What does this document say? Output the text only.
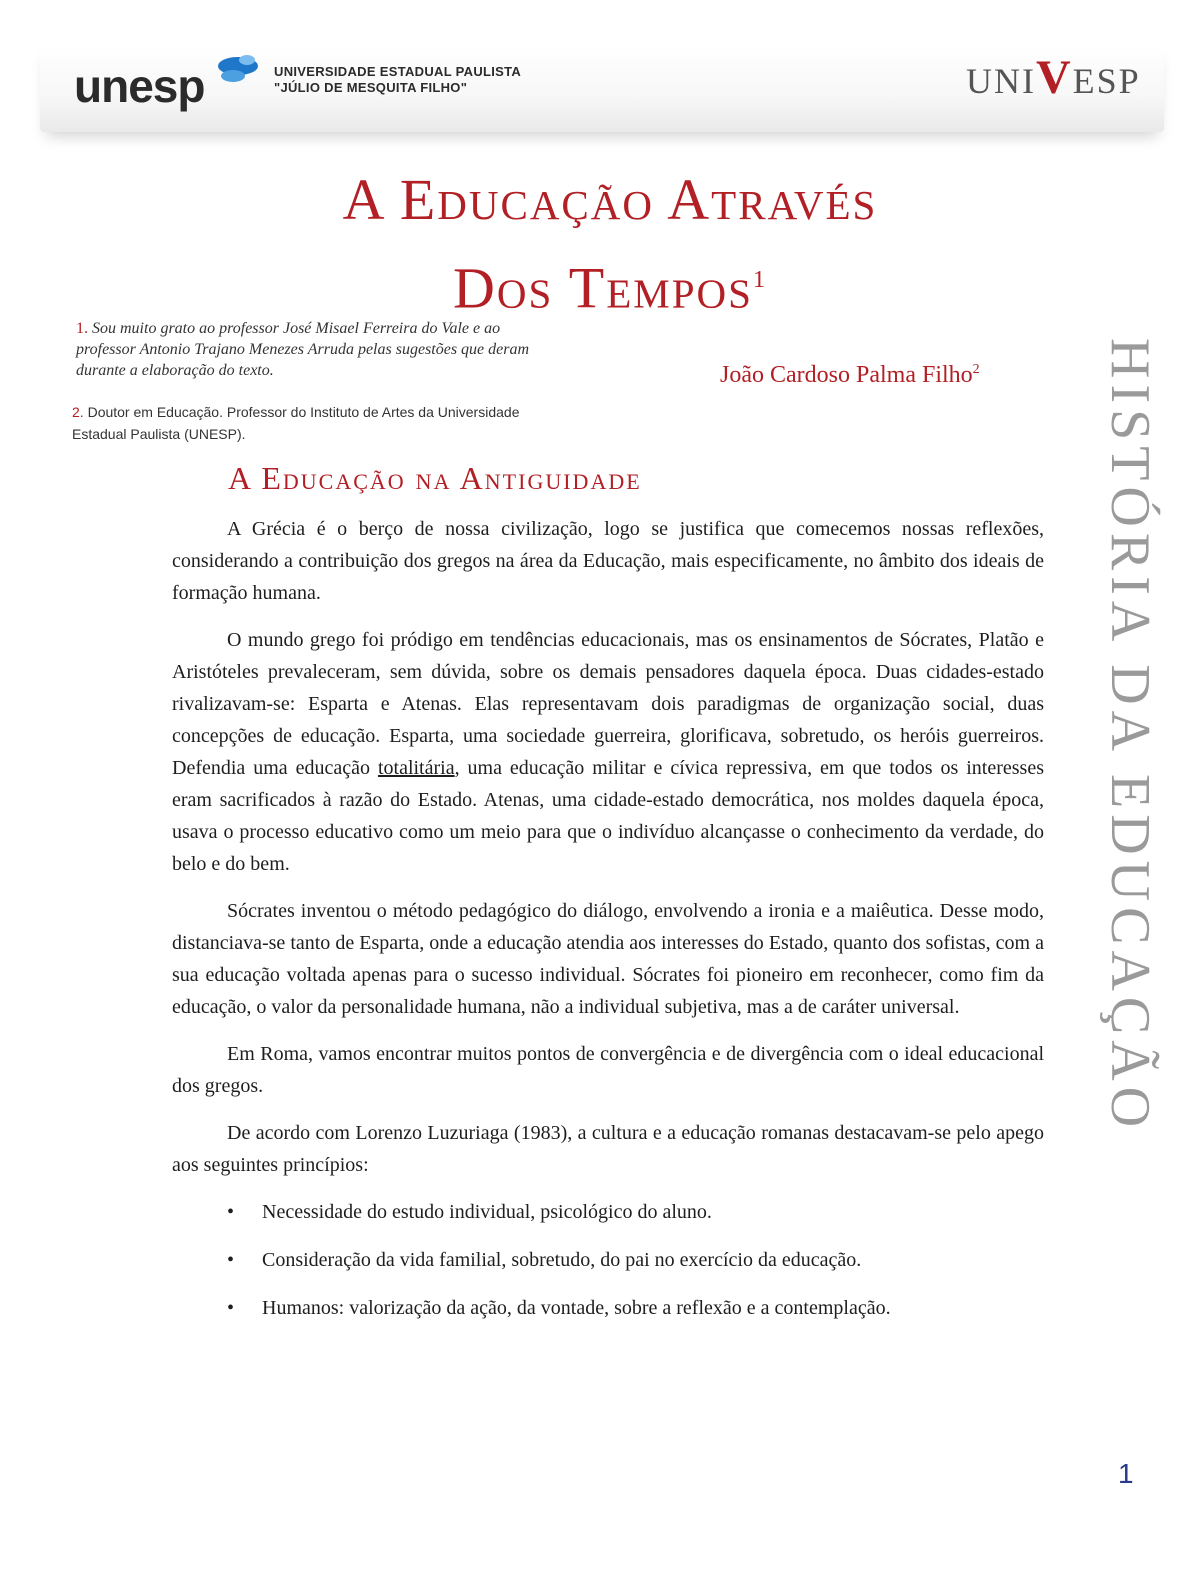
unesp	UNIVERSIDADE ESTADUAL PAULISTA
"JÚLIO DE MESQUITA FILHO"	UNIVESP
A Educação Através
Dos Tempos$^1$
1. Sou muito grato ao professor José Misael Ferreira do Vale e ao professor Antonio Trajano Menezes Arruda pelas sugestões que deram durante a elaboração do texto.
2. Doutor em Educação. Professor do Instituto de Artes da Universidade Estadual Paulista (UNESP).
João Cardoso Palma Filho$^2$ HISTÓRIA DA EDUCAÇÃO
A Educação na Antiguidade

A Grécia é o berço de nossa civilização, logo se justifica que comecemos nossas reflexões, considerando a contribuição dos gregos na área da Educação, mais especificamente, no âmbito dos ideais de formação humana.

O mundo grego foi pródigo em tendências educacionais, mas os ensinamentos de Sócrates, Platão e Aristóteles prevaleceram, sem dúvida, sobre os demais pensadores daquela época. Duas cidades-estado rivalizavam-se: Esparta e Atenas. Elas representavam dois paradigmas de organização social, duas concepções de educação. Esparta, uma sociedade guerreira, glorificava, sobretudo, os heróis guerreiros. Defendia uma educação totalitária, uma educação militar e cívica repressiva, em que todos os interesses eram sacrificados à razão do Estado. Atenas, uma cidade-estado democrática, nos moldes daquela época, usava o processo educativo como um meio para que o indivíduo alcançasse o conhecimento da verdade, do belo e do bem.

Sócrates inventou o método pedagógico do diálogo, envolvendo a ironia e a maiêutica. Desse modo, distanciava-se tanto de Esparta, onde a educação atendia aos interesses do Estado, quanto dos sofistas, com a sua educação voltada apenas para o sucesso individual. Sócrates foi pioneiro em reconhecer, como fim da educação, o valor da personalidade humana, não a individual subjetiva, mas a de caráter universal.

Em Roma, vamos encontrar muitos pontos de convergência e de divergência com o ideal educacional dos gregos.

De acordo com Lorenzo Luzuriaga (1983), a cultura e a educação romanas destacavam-se pelo apego aos seguintes princípios:

• Necessidade do estudo individual, psicológico do aluno.
• Consideração da vida familial, sobretudo, do pai no exercício da educação.
• Humanos: valorização da ação, da vontade, sobre a reflexão e a contemplação.
1
